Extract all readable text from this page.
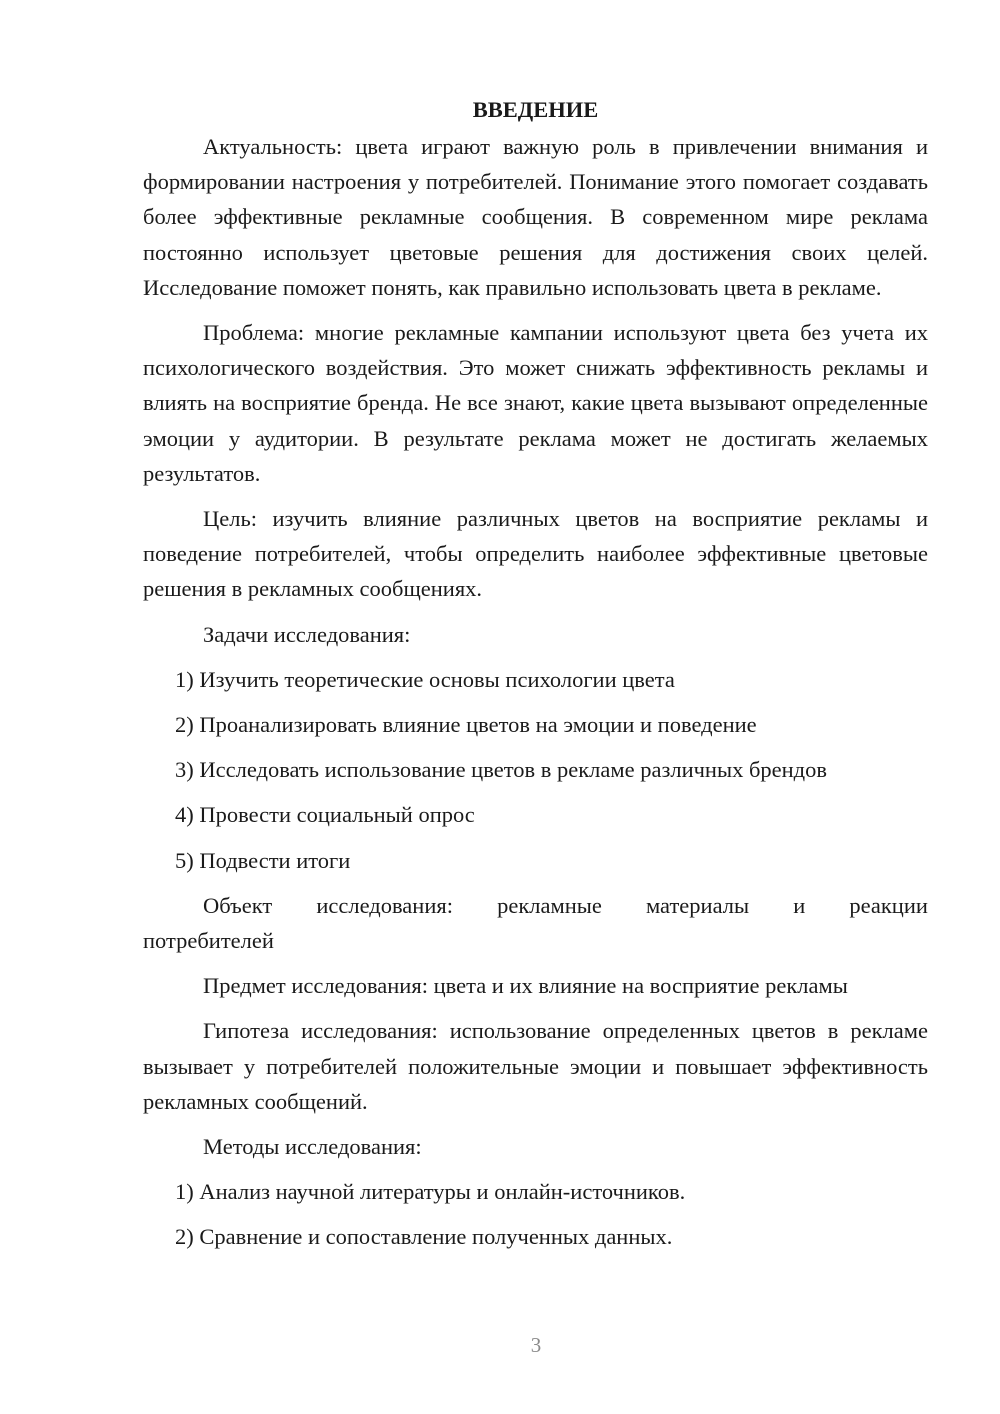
ВВЕДЕНИЕ

Актуальность: цвета играют важную роль в привлечении внимания и формировании настроения у потребителей. Понимание этого помогает создавать более эффективные рекламные сообщения. В современном мире реклама постоянно использует цветовые решения для достижения своих целей. Исследование поможет понять, как правильно использовать цвета в рекламе.

Проблема: многие рекламные кампании используют цвета без учета их психологического воздействия. Это может снижать эффективность рекламы и влиять на восприятие бренда. Не все знают, какие цвета вызывают определенные эмоции у аудитории. В результате реклама может не достигать желаемых результатов.

Цель: изучить влияние различных цветов на восприятие рекламы и поведение потребителей, чтобы определить наиболее эффективные цветовые решения в рекламных сообщениях.

Задачи исследования:

1) Изучить теоретические основы психологии цвета
2) Проанализировать влияние цветов на эмоции и поведение
3) Исследовать использование цветов в рекламе различных брендов
4) Провести социальный опрос
5) Подвести итоги
Объект исследования: рекламные материалы и реакции
потребителей

Предмет исследования: цвета и их влияние на восприятие рекламы

Гипотеза исследования: использование определенных цветов в рекламе вызывает у потребителей положительные эмоции и повышает эффективность рекламных сообщений.

Методы исследования:

1) Анализ научной литературы и онлайн-источников.
2) Сравнение и сопоставление полученных данных.
3
